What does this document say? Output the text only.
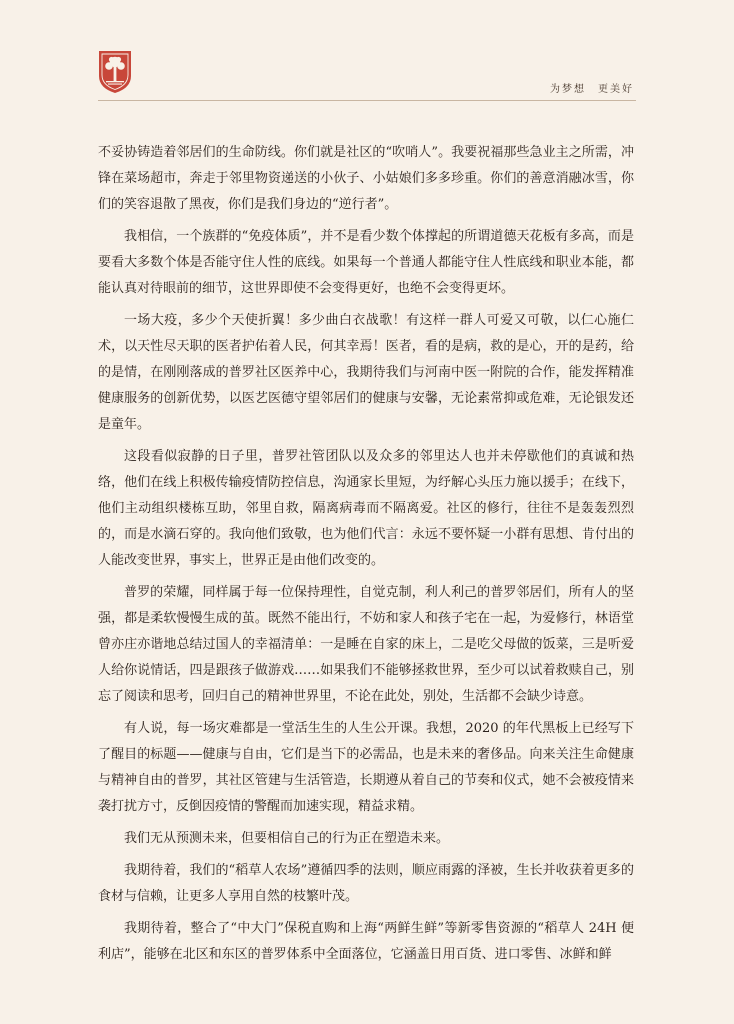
为梦想　更美好

不妥协铸造着邻居们的生命防线。你们就是社区的“吹哨人”。我要祝福那些急业主之所需，冲锋在菜场超市，奔走于邻里物资递送的小伙子、小姑娘们多多珍重。你们的善意消融冰雪，你们的笑容退散了黑夜，你们是我们身边的“逆行者”。

我相信，一个族群的“免疫体质”，并不是看少数个体撑起的所谓道德天花板有多高，而是要看大多数个体是否能守住人性的底线。如果每一个普通人都能守住人性底线和职业本能，都能认真对待眼前的细节，这世界即使不会变得更好，也绝不会变得更坏。

一场大疫，多少个天使折翼！多少曲白衣战歌！有这样一群人可爱又可敬，以仁心施仁术，以天性尽天职的医者护佑着人民，何其幸焉！医者，看的是病，救的是心，开的是药，给的是情，在刚刚落成的普罗社区医养中心，我期待我们与河南中医一附院的合作，能发挥精准健康服务的创新优势，以医艺医德守望邻居们的健康与安馨，无论素常抑或危难，无论银发还是童年。

这段看似寂静的日子里，普罗社管团队以及众多的邻里达人也并未停歇他们的真诚和热络，他们在线上积极传输疫情防控信息，沟通家长里短，为纾解心头压力施以援手；在线下，他们主动组织楼栋互助，邻里自救，隔离病毒而不隔离爱。社区的修行，往往不是轰轰烈烈的，而是水滴石穿的。我向他们致敬，也为他们代言：永远不要怀疑一小群有思想、肯付出的人能改变世界，事实上，世界正是由他们改变的。

普罗的荣耀，同样属于每一位保持理性，自觉克制，利人利己的普罗邻居们，所有人的坚强，都是柔软慢慢生成的茧。既然不能出行，不妨和家人和孩子宅在一起，为爱修行，林语堂曾亦庄亦谐地总结过国人的幸福清单：一是睡在自家的床上，二是吃父母做的饭菜，三是听爱人给你说情话，四是跟孩子做游戏……如果我们不能够拯救世界，至少可以试着救赎自己，别忘了阅读和思考，回归自己的精神世界里，不论在此处，别处，生活都不会缺少诗意。

有人说，每一场灾难都是一堂活生生的人生公开课。我想，2020 的年代黑板上已经写下了醒目的标题——健康与自由，它们是当下的必需品，也是未来的奢侈品。向来关注生命健康与精神自由的普罗，其社区管建与生活管造，长期遵从着自己的节奏和仪式，她不会被疫情来袭打扰方寸，反倒因疫情的警醒而加速实现，精益求精。

我们无从预测未来，但要相信自己的行为正在塑造未来。

我期待着，我们的“稻草人农场”遵循四季的法则，顺应雨露的泽被，生长并收获着更多的食材与信赖，让更多人享用自然的枝繁叶茂。

我期待着，整合了“中大门”保税直购和上海“两鲜生鲜”等新零售资源的“稻草人 24H 便利店”，能够在北区和东区的普罗体系中全面落位，它涵盖日用百货、进口零售、冰鲜和鲜
